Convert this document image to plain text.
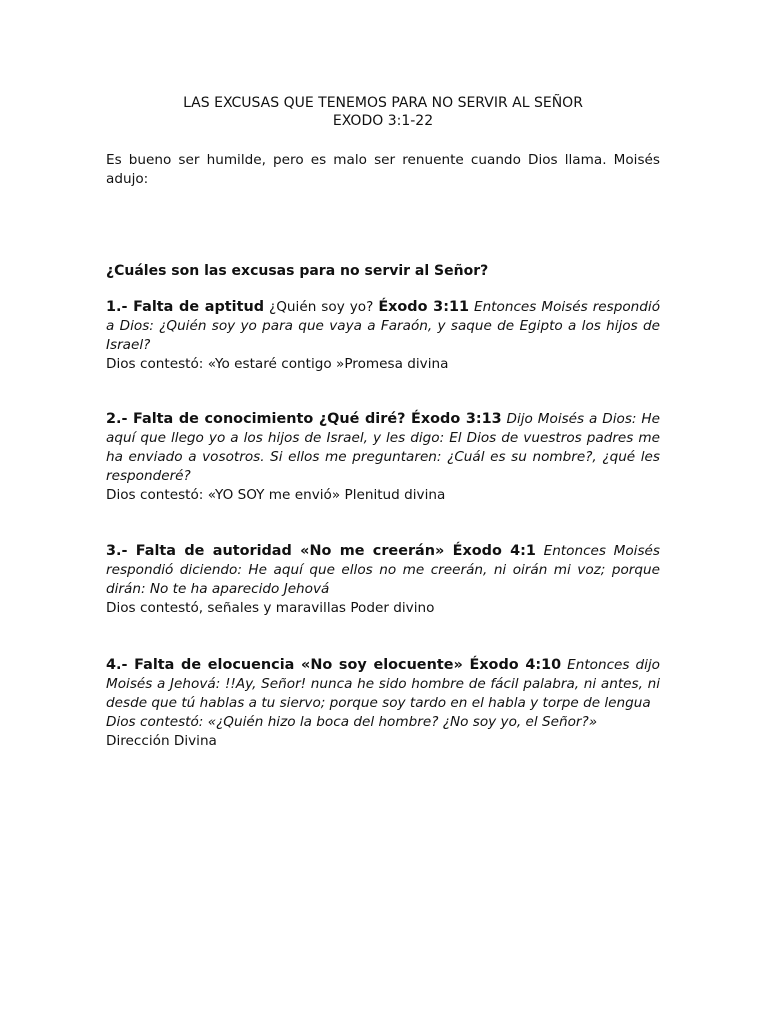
LAS EXCUSAS QUE TENEMOS PARA NO SERVIR AL SEÑOR
EXODO 3:1-22

Es bueno ser humilde, pero es malo ser renuente cuando Dios llama. Moisés adujo:

¿Cuáles son las excusas para no servir al Señor?

1.- Falta de aptitud ¿Quién soy yo? Éxodo 3:11 Entonces Moisés respondió a Dios: ¿Quién soy yo para que vaya a Faraón, y saque de Egipto a los hijos de Israel?

Dios contestó: «Yo estaré contigo »Promesa divina

2.- Falta de conocimiento ¿Qué diré? Éxodo 3:13 Dijo Moisés a Dios: He aquí que llego yo a los hijos de Israel, y les digo: El Dios de vuestros padres me ha enviado a vosotros. Si ellos me preguntaren: ¿Cuál es su nombre?, ¿qué les responderé?

Dios contestó: «YO SOY me envió» Plenitud divina

3.- Falta de autoridad «No me creerán» Éxodo 4:1 Entonces Moisés respondió diciendo: He aquí que ellos no me creerán, ni oirán mi voz; porque dirán: No te ha aparecido Jehová

Dios contestó, señales y maravillas Poder divino

4.- Falta de elocuencia «No soy elocuente» Éxodo 4:10 Entonces dijo Moisés a Jehová: !!Ay, Señor! nunca he sido hombre de fácil palabra, ni antes, ni desde que tú hablas a tu siervo; porque soy tardo en el habla y torpe de lengua

Dios contestó: «¿Quién hizo la boca del hombre? ¿No soy yo, el Señor?»

Dirección Divina
